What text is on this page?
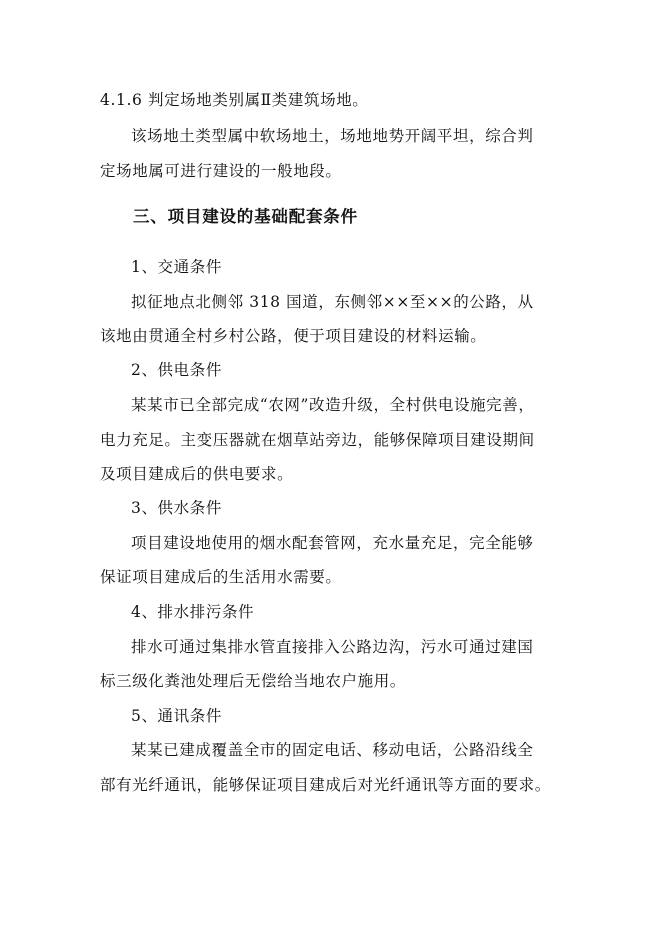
4.1.6 判定场地类别属Ⅱ类建筑场地。

该场地土类型属中软场地土，场地地势开阔平坦，综合判

定场地属可进行建设的一般地段。

三、项目建设的基础配套条件

1、交通条件

拟征地点北侧邻 318 国道，东侧邻××至××的公路，从

该地由贯通全村乡村公路，便于项目建设的材料运输。

2、供电条件

某某市已全部完成“农网”改造升级，全村供电设施完善，

电力充足。主变压器就在烟草站旁边，能够保障项目建设期间

及项目建成后的供电要求。

3、供水条件

项目建设地使用的烟水配套管网，充水量充足，完全能够

保证项目建成后的生活用水需要。

4、排水排污条件

排水可通过集排水管直接排入公路边沟，污水可通过建国

标三级化粪池处理后无偿给当地农户施用。

5、通讯条件

某某已建成覆盖全市的固定电话、移动电话，公路沿线全

部有光纤通讯，能够保证项目建成后对光纤通讯等方面的要求。
